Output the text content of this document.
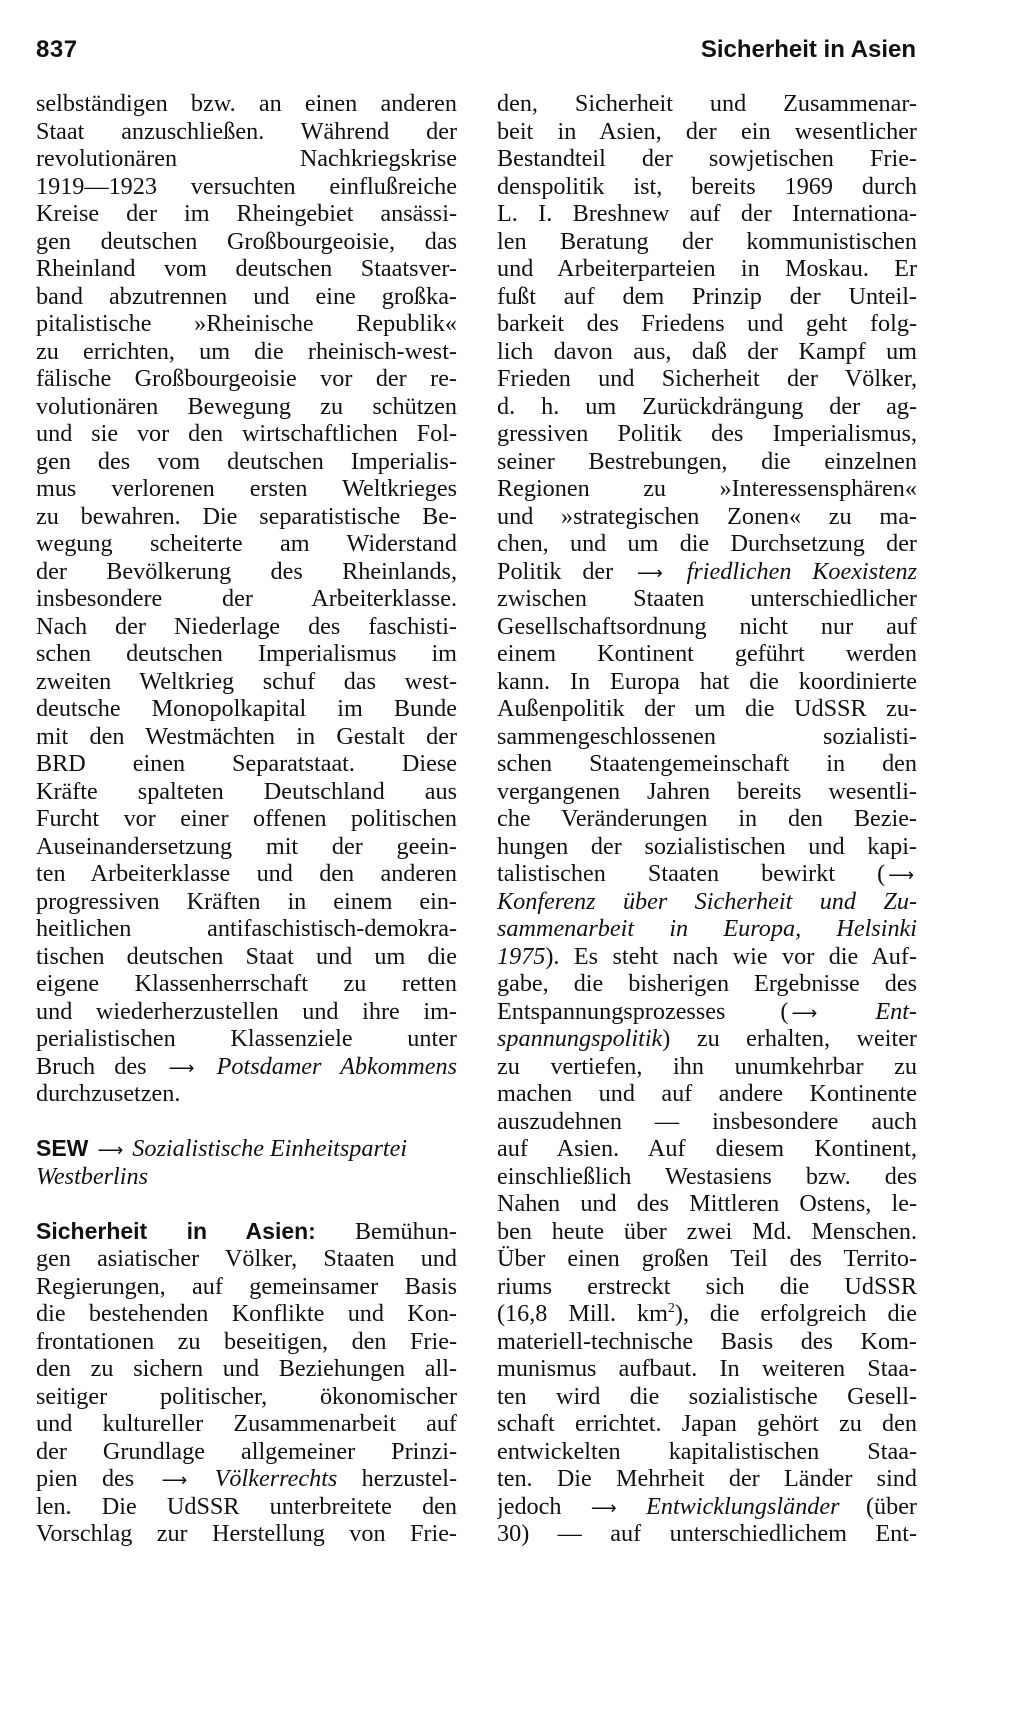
837	Sicherheit in Asien
selbständigen bzw. an einen anderen
Staat anzuschließen. Während der
revolutionären Nachkriegskrise
1919—1923 versuchten einflußreiche
Kreise der im Rheingebiet ansässi-
gen deutschen Großbourgeoisie, das
Rheinland vom deutschen Staatsver-
band abzutrennen und eine großka-
pitalistische »Rheinische Republik«
zu errichten, um die rheinisch-west-
fälische Großbourgeoisie vor der re-
volutionären Bewegung zu schützen
und sie vor den wirtschaftlichen Fol-
gen des vom deutschen Imperialis-
mus verlorenen ersten Weltkrieges
zu bewahren. Die separatistische Be-
wegung scheiterte am Widerstand
der Bevölkerung des Rheinlands,
insbesondere der Arbeiterklasse.
Nach der Niederlage des faschisti-
schen deutschen Imperialismus im
zweiten Weltkrieg schuf das west-
deutsche Monopolkapital im Bunde
mit den Westmächten in Gestalt der
BRD einen Separatstaat. Diese
Kräfte spalteten Deutschland aus
Furcht vor einer offenen politischen
Auseinandersetzung mit der geein-
ten Arbeiterklasse und den anderen
progressiven Kräften in einem ein-
heitlichen antifaschistisch-demokra-
tischen deutschen Staat und um die
eigene Klassenherrschaft zu retten
und wiederherzustellen und ihre im-
perialistischen Klassenziele unter
Bruch des ⟶ Potsdamer Abkommens
durchzusetzen.
SEW ⟶ Sozialistische Einheitspartei
Westberlins
Sicherheit in Asien: Bemühun-
gen asiatischer Völker, Staaten und
Regierungen, auf gemeinsamer Basis
die bestehenden Konflikte und Kon-
frontationen zu beseitigen, den Frie-
den zu sichern und Beziehungen all-
seitiger politischer, ökonomischer
und kultureller Zusammenarbeit auf
der Grundlage allgemeiner Prinzi-
pien des ⟶ Völkerrechts herzustel-
len. Die UdSSR unterbreitete den
Vorschlag zur Herstellung von Frie-
den, Sicherheit und Zusammenar-
beit in Asien, der ein wesentlicher
Bestandteil der sowjetischen Frie-
denspolitik ist, bereits 1969 durch
L. I. Breshnew auf der Internationa-
len Beratung der kommunistischen
und Arbeiterparteien in Moskau. Er
fußt auf dem Prinzip der Unteil-
barkeit des Friedens und geht folg-
lich davon aus, daß der Kampf um
Frieden und Sicherheit der Völker,
d. h. um Zurückdrängung der ag-
gressiven Politik des Imperialismus,
seiner Bestrebungen, die einzelnen
Regionen zu »Interessensphären«
und »strategischen Zonen« zu ma-
chen, und um die Durchsetzung der
Politik der ⟶ friedlichen Koexistenz
zwischen Staaten unterschiedlicher
Gesellschaftsordnung nicht nur auf
einem Kontinent geführt werden
kann. In Europa hat die koordinierte
Außenpolitik der um die UdSSR zu-
sammengeschlossenen sozialisti-
schen Staatengemeinschaft in den
vergangenen Jahren bereits wesentli-
che Veränderungen in den Bezie-
hungen der sozialistischen und kapi-
talistischen Staaten bewirkt ( ⟶
Konferenz über Sicherheit und Zu-
sammenarbeit in Europa, Helsinki
1975). Es steht nach wie vor die Auf-
gabe, die bisherigen Ergebnisse des
Entspannungsprozesses ( ⟶ Ent-
spannungspolitik) zu erhalten, weiter
zu vertiefen, ihn unumkehrbar zu
machen und auf andere Kontinente
auszudehnen — insbesondere auch
auf Asien. Auf diesem Kontinent,
einschließlich Westasiens bzw. des
Nahen und des Mittleren Ostens, le-
ben heute über zwei Md. Menschen.
Über einen großen Teil des Territo-
riums erstreckt sich die UdSSR
(16,8 Mill. $km^2$), die erfolgreich die
materiell-technische Basis des Kom-
munismus aufbaut. In weiteren Staa-
ten wird die sozialistische Gesell-
schaft errichtet. Japan gehört zu den
entwickelten kapitalistischen Staa-
ten. Die Mehrheit der Länder sind
jedoch ⟶ Entwicklungsländer (über
30) — auf unterschiedlichem Ent-
